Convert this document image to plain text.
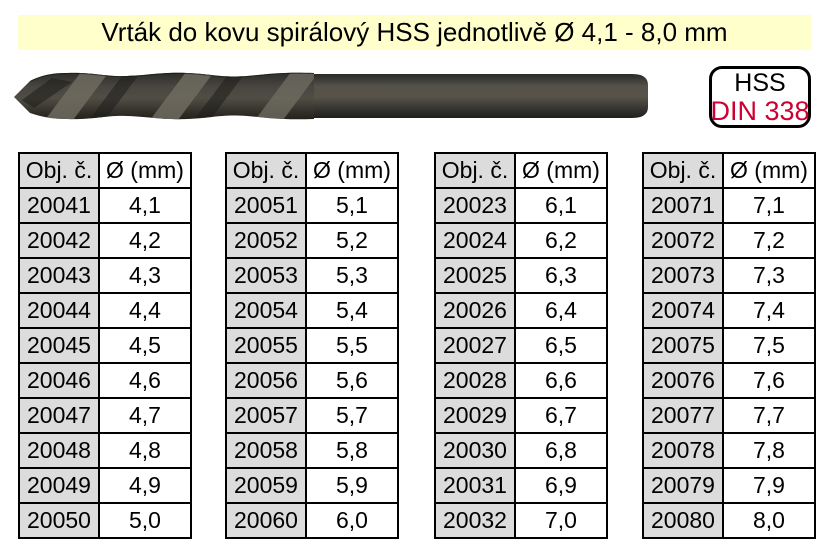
Vrták do kovu spirálový HSS jednotlivě Ø 4,1 - 8,0 mm
HSS
DIN 338
Obj. č.	Ø (mm)
20041	4,1
20042	4,2
20043	4,3
20044	4,4
20045	4,5
20046	4,6
20047	4,7
20048	4,8
20049	4,9
20050	5,0
Obj. č.	Ø (mm)
20051	5,1
20052	5,2
20053	5,3
20054	5,4
20055	5,5
20056	5,6
20057	5,7
20058	5,8
20059	5,9
20060	6,0
Obj. č.	Ø (mm)
20023	6,1
20024	6,2
20025	6,3
20026	6,4
20027	6,5
20028	6,6
20029	6,7
20030	6,8
20031	6,9
20032	7,0
Obj. č.	Ø (mm)
20071	7,1
20072	7,2
20073	7,3
20074	7,4
20075	7,5
20076	7,6
20077	7,7
20078	7,8
20079	7,9
20080	8,0
